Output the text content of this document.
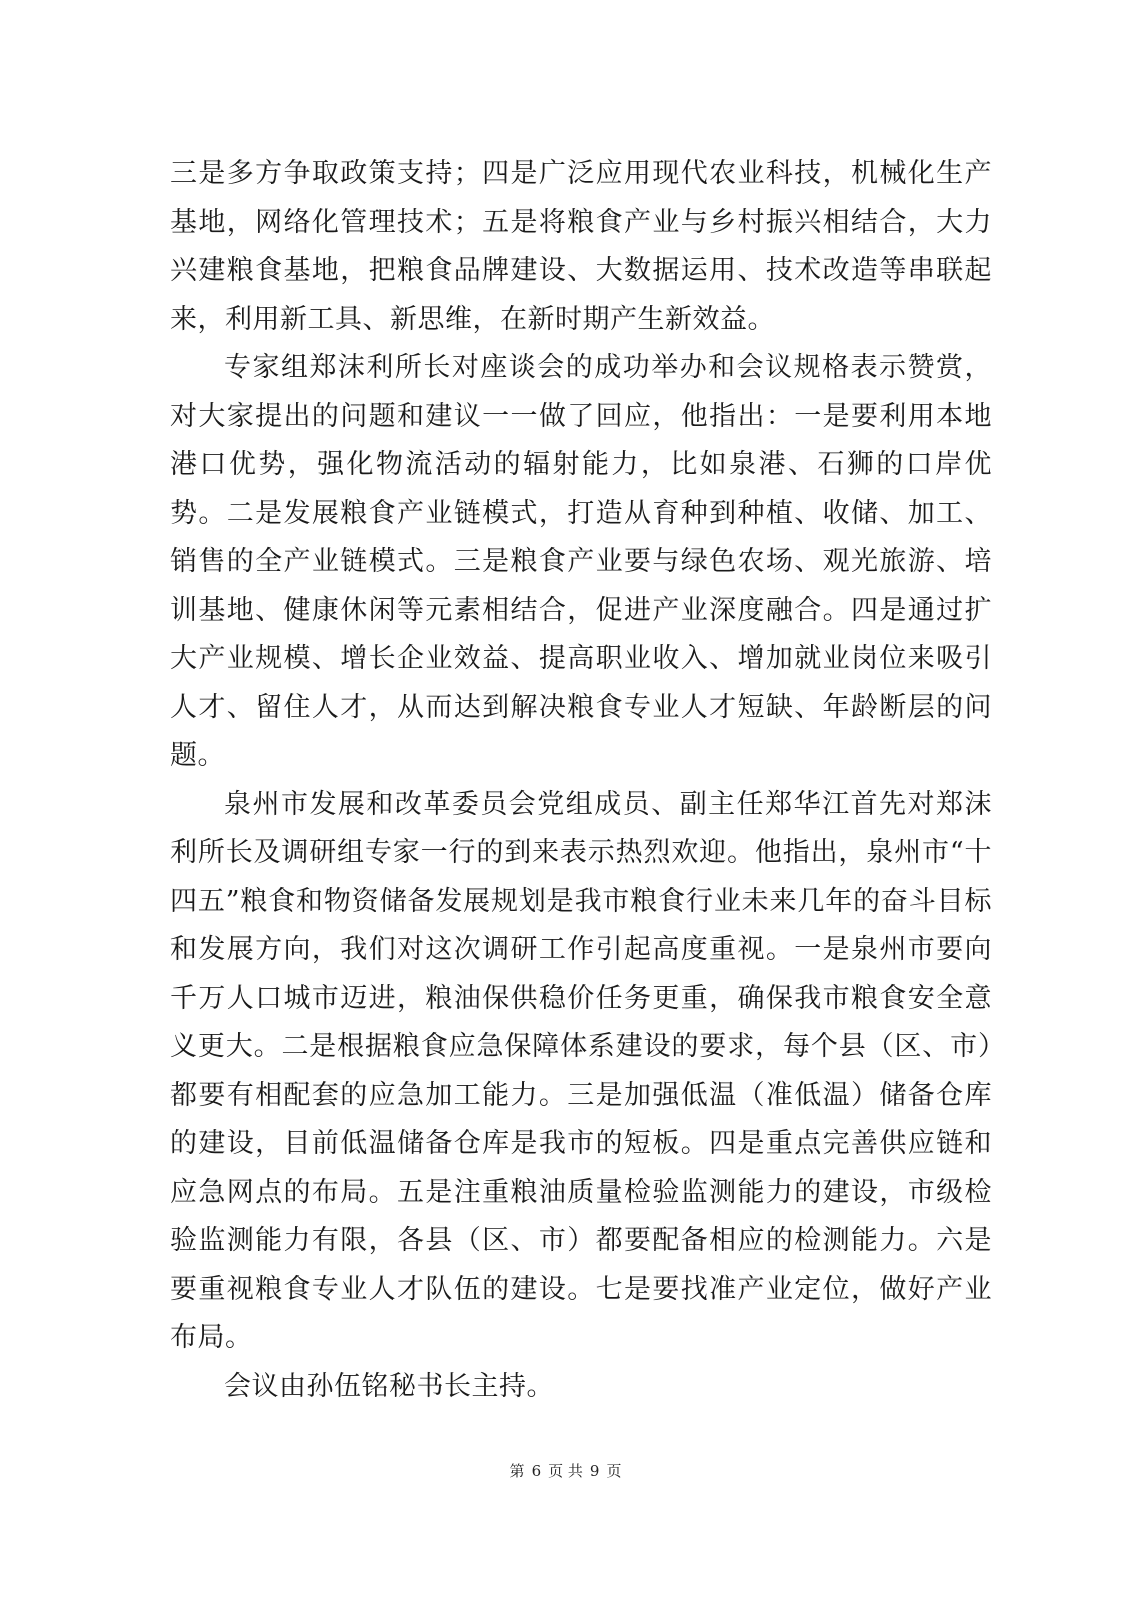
三是多方争取政策支持；四是广泛应用现代农业科技，机械化生产基地，网络化管理技术；五是将粮食产业与乡村振兴相结合，大力兴建粮食基地，把粮食品牌建设、大数据运用、技术改造等串联起来，利用新工具、新思维，在新时期产生新效益。

专家组郑沫利所长对座谈会的成功举办和会议规格表示赞赏，对大家提出的问题和建议一一做了回应，他指出：一是要利用本地港口优势，强化物流活动的辐射能力，比如泉港、石狮的口岸优势。二是发展粮食产业链模式，打造从育种到种植、收储、加工、销售的全产业链模式。三是粮食产业要与绿色农场、观光旅游、培训基地、健康休闲等元素相结合，促进产业深度融合。四是通过扩大产业规模、增长企业效益、提高职业收入、增加就业岗位来吸引人才、留住人才，从而达到解决粮食专业人才短缺、年龄断层的问题。

泉州市发展和改革委员会党组成员、副主任郑华江首先对郑沫利所长及调研组专家一行的到来表示热烈欢迎。他指出，泉州市“十四五”粮食和物资储备发展规划是我市粮食行业未来几年的奋斗目标和发展方向，我们对这次调研工作引起高度重视。一是泉州市要向千万人口城市迈进，粮油保供稳价任务更重，确保我市粮食安全意义更大。二是根据粮食应急保障体系建设的要求，每个县（区、市）都要有相配套的应急加工能力。三是加强低温（准低温）储备仓库的建设，目前低温储备仓库是我市的短板。四是重点完善供应链和应急网点的布局。五是注重粮油质量检验监测能力的建设，市级检验监测能力有限，各县（区、市）都要配备相应的检测能力。六是要重视粮食专业人才队伍的建设。七是要找准产业定位，做好产业布局。

会议由孙伍铭秘书长主持。

第 6 页 共 9 页
